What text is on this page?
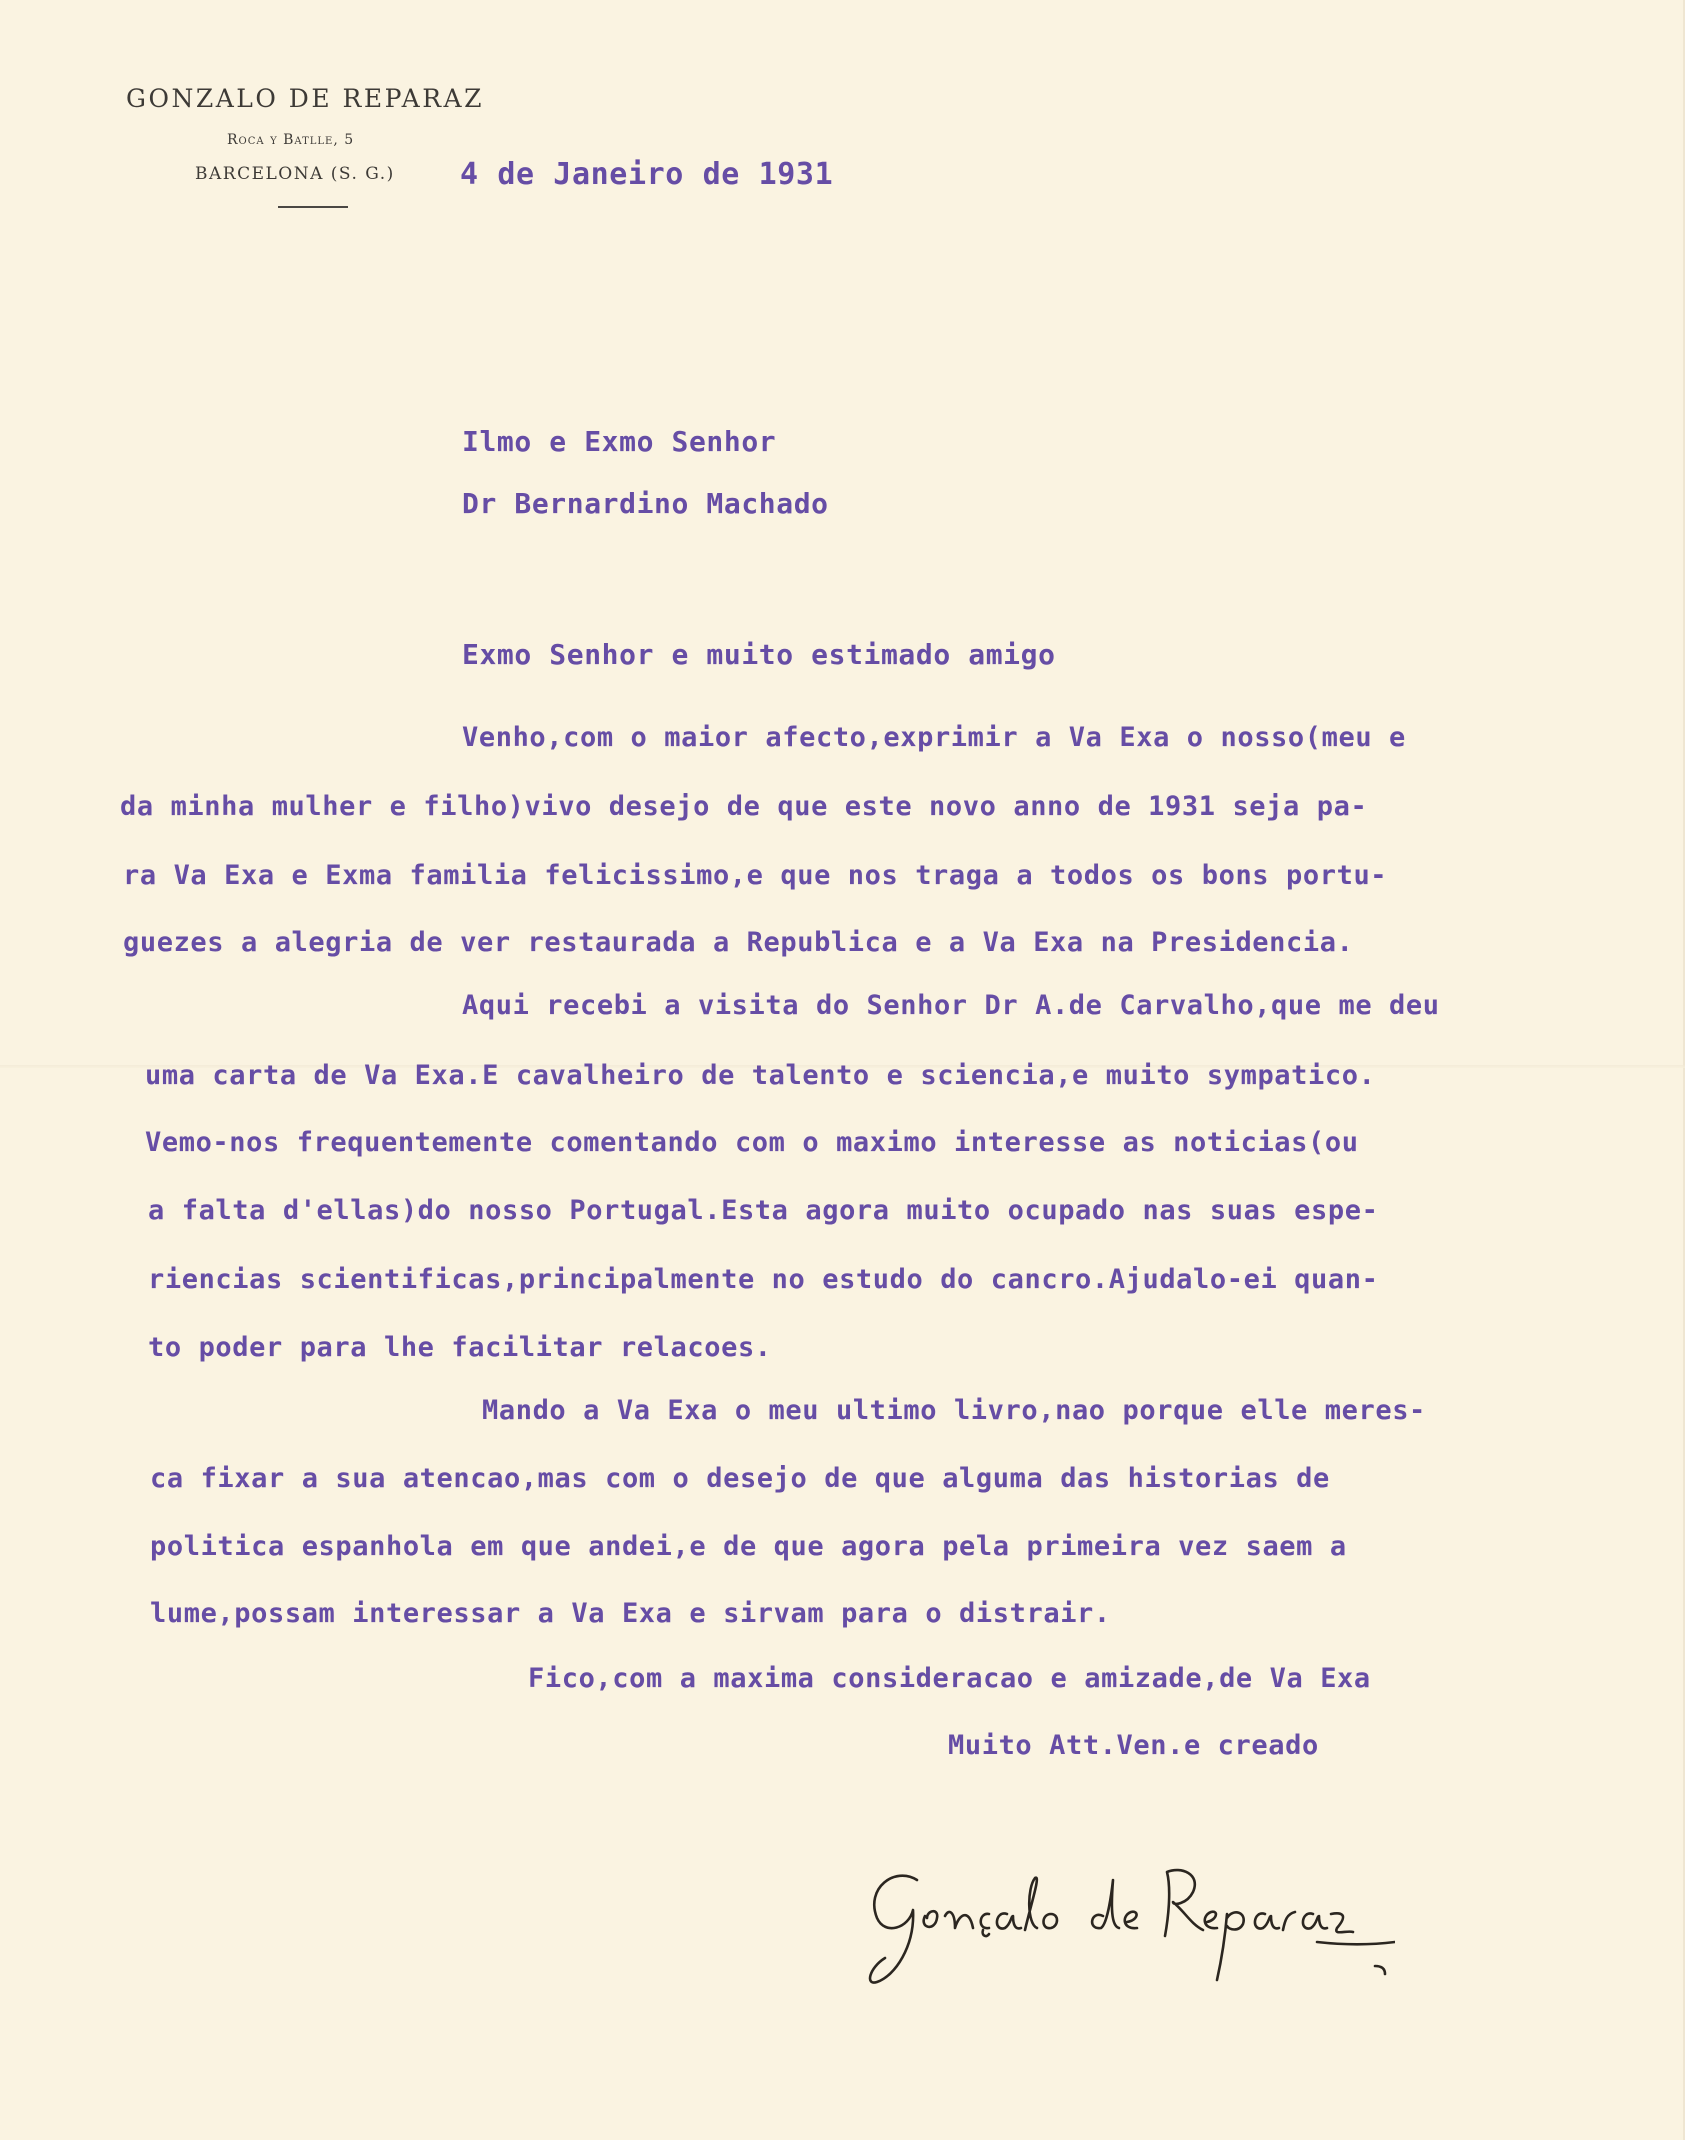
GONZALO DE REPARAZ
Roca y Batlle, 5
BARCELONA (S. G.) 4 de Janeiro de 1931
Ilmo e Exmo Senhor
Dr Bernardino Machado
Exmo Senhor e muito estimado amigo
Venho,com o maior afecto,exprimir a Va Exa o nosso(meu e
da minha mulher e filho)vivo desejo de que este novo anno de 1931 seja pa-
ra Va Exa e Exma familia felicissimo,e que nos traga a todos os bons portu-
guezes a alegria de ver restaurada a Republica e a Va Exa na Presidencia.
Aqui recebi a visita do Senhor Dr A.de Carvalho,que me deu
uma carta de Va Exa.E cavalheiro de talento e sciencia,e muito sympatico.
Vemo-nos frequentemente comentando com o maximo interesse as noticias(ou
a falta d'ellas)do nosso Portugal.Esta agora muito ocupado nas suas espe-
riencias scientificas,principalmente no estudo do cancro.Ajudalo-ei quan-
to poder para lhe facilitar relacoes.
Mando a Va Exa o meu ultimo livro,nao porque elle meres-
ca fixar a sua atencao,mas com o desejo de que alguma das historias de
politica espanhola em que andei,e de que agora pela primeira vez saem a
lume,possam interessar a Va Exa e sirvam para o distrair.
Fico,com a maxima consideracao e amizade,de Va Exa
Muito Att.Ven.e creado
